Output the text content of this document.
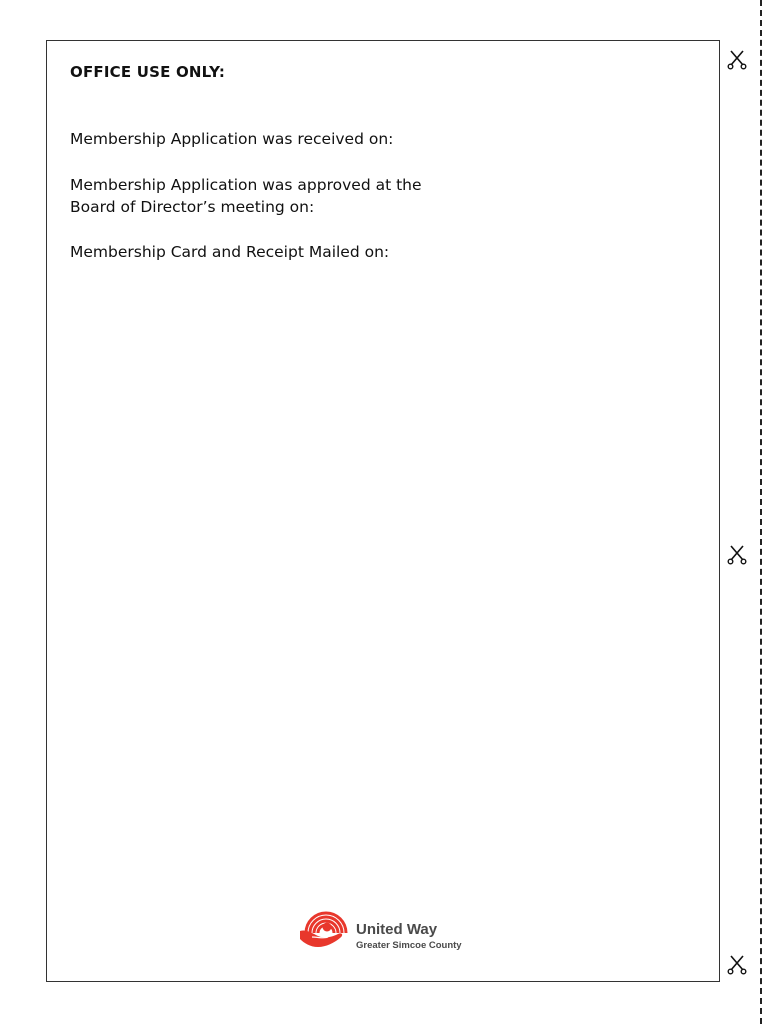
OFFICE USE ONLY:
Membership Application was received on:
Membership Application was approved at the
Board of Director’s meeting on:
Membership Card and Receipt Mailed on:
United Way
Greater Simcoe County
